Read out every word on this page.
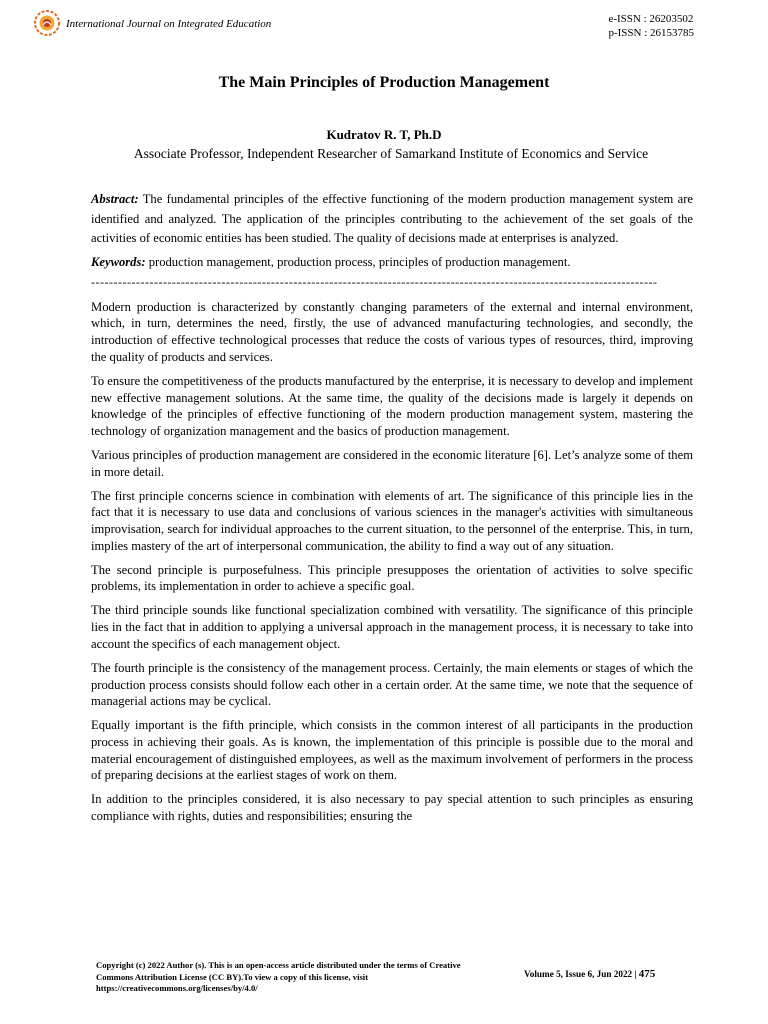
International Journal on Integrated Education	e-ISSN : 26203502
p-ISSN : 26153785
The Main Principles of Production Management
Kudratov R. T, Ph.D
Associate Professor, Independent Researcher of Samarkand Institute of Economics and Service

Abstract: The fundamental principles of the effective functioning of the modern production management system are identified and analyzed. The application of the principles contributing to the achievement of the set goals of the activities of economic entities has been studied. The quality of decisions made at enterprises is analyzed.

Keywords: production management, production process, principles of production management.

------------------------------------------------------------------------------------------------------------------------------

Modern production is characterized by constantly changing parameters of the external and internal environment, which, in turn, determines the need, firstly, the use of advanced manufacturing technologies, and secondly, the introduction of effective technological processes that reduce the costs of various types of resources, third, improving the quality of products and services.

To ensure the competitiveness of the products manufactured by the enterprise, it is necessary to develop and implement new effective management solutions. At the same time, the quality of the decisions made is largely it depends on knowledge of the principles of effective functioning of the modern production management system, mastering the technology of organization management and the basics of production management.

Various principles of production management are considered in the economic literature [6]. Let’s analyze some of them in more detail.

The first principle concerns science in combination with elements of art. The significance of this principle lies in the fact that it is necessary to use data and conclusions of various sciences in the manager's activities with simultaneous improvisation, search for individual approaches to the current situation, to the personnel of the enterprise. This, in turn, implies mastery of the art of interpersonal communication, the ability to find a way out of any situation.

The second principle is purposefulness. This principle presupposes the orientation of activities to solve specific problems, its implementation in order to achieve a specific goal.

The third principle sounds like functional specialization combined with versatility. The significance of this principle lies in the fact that in addition to applying a universal approach in the management process, it is necessary to take into account the specifics of each management object.

The fourth principle is the consistency of the management process. Certainly, the main elements or stages of which the production process consists should follow each other in a certain order. At the same time, we note that the sequence of managerial actions may be cyclical.

Equally important is the fifth principle, which consists in the common interest of all participants in the production process in achieving their goals. As is known, the implementation of this principle is possible due to the moral and material encouragement of distinguished employees, as well as the maximum involvement of performers in the process of preparing decisions at the earliest stages of work on them.

In addition to the principles considered, it is also necessary to pay special attention to such principles as ensuring compliance with rights, duties and responsibilities; ensuring the

Copyright (c) 2022 Author (s). This is an open-access article distributed under the terms of Creative Commons Attribution License (CC BY).To view a copy of this license, visit https://creativecommons.org/licenses/by/4.0/
Volume 5, Issue 6, Jun 2022 | 475
